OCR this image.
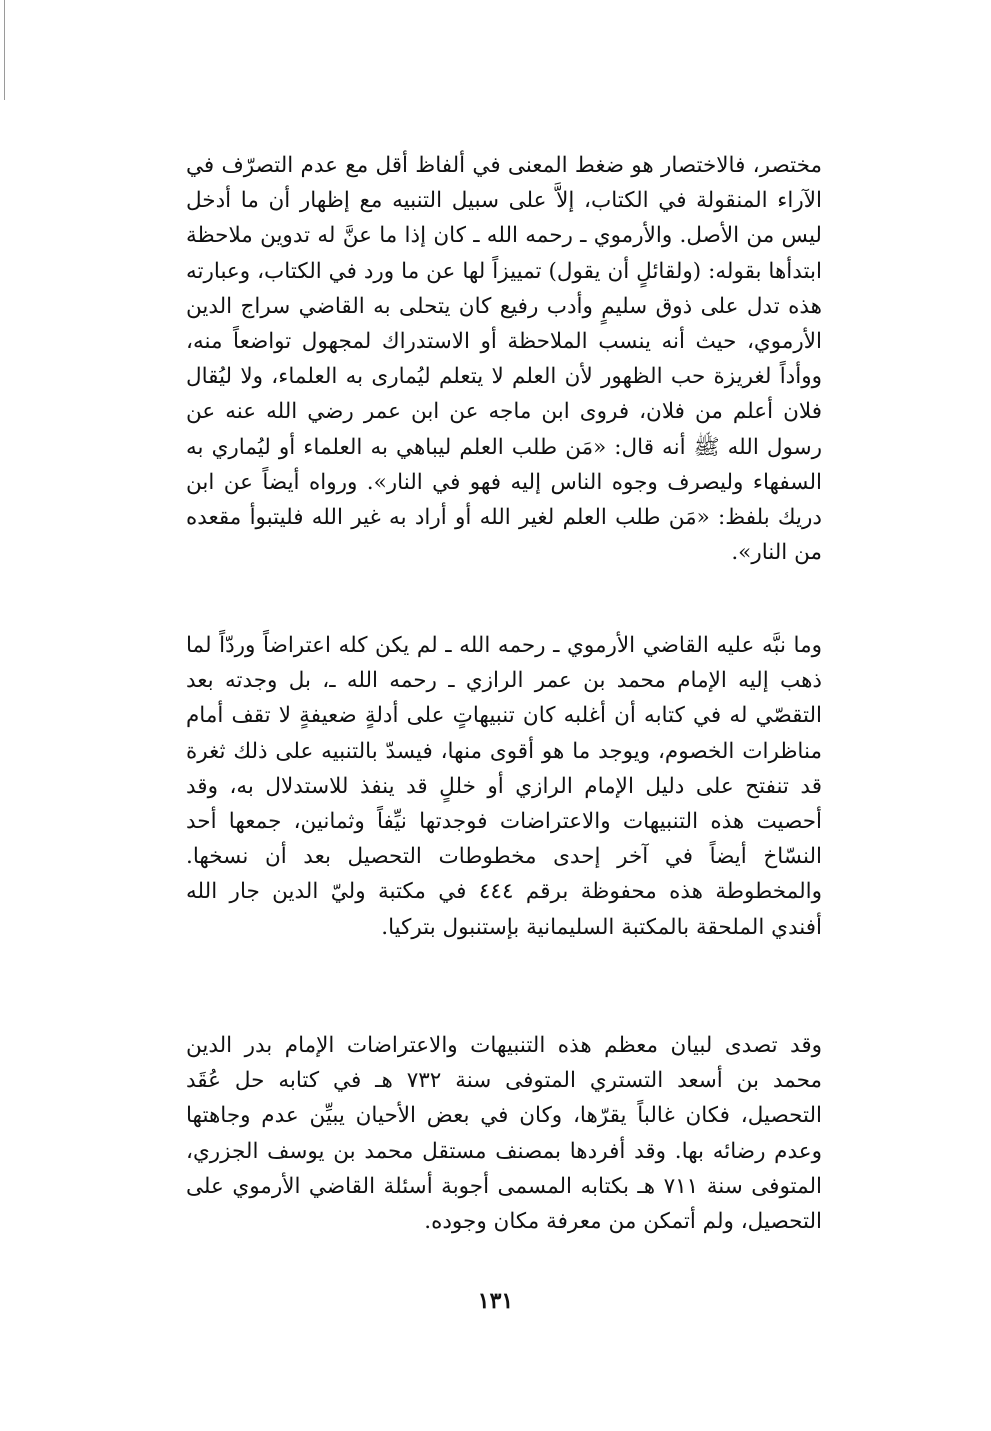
مختصر، فالاختصار هو ضغط المعنى في ألفاظ أقل مع عدم التصرّف في الآراء المنقولة في الكتاب، إلاَّ على سبيل التنبيه مع إظهار أن ما أدخل ليس من الأصل. والأرموي ـ رحمه الله ـ كان إذا ما عنَّ له تدوين ملاحظة ابتدأها بقوله: (ولقائلٍ أن يقول) تمييزاً لها عن ما ورد في الكتاب، وعبارته هذه تدل على ذوق سليمٍ وأدب رفيع كان يتحلى به القاضي سراج الدين الأرموي، حيث أنه ينسب الملاحظة أو الاستدراك لمجهول تواضعاً منه، ووأداً لغريزة حب الظهور لأن العلم لا يتعلم ليُمارى به العلماء، ولا ليُقال فلان أعلم من فلان، فروى ابن ماجه عن ابن عمر رضي الله عنه عن رسول الله ﷺ أنه قال: «مَن طلب العلم ليباهي به العلماء أو ليُماري به السفهاء وليصرف وجوه الناس إليه فهو في النار». ورواه أيضاً عن ابن دريك بلفظ: «مَن طلب العلم لغير الله أو أراد به غير الله فليتبوأ مقعده من النار».

وما نبَّه عليه القاضي الأرموي ـ رحمه الله ـ لم يكن كله اعتراضاً وردّاً لما ذهب إليه الإمام محمد بن عمر الرازي ـ رحمه الله ـ، بل وجدته بعد التقصّي له في كتابه أن أغلبه كان تنبيهاتٍ على أدلةٍ ضعيفةٍ لا تقف أمام مناظرات الخصوم، ويوجد ما هو أقوى منها، فيسدّ بالتنبيه على ذلك ثغرة قد تنفتح على دليل الإمام الرازي أو خللٍ قد ينفذ للاستدلال به، وقد أحصيت هذه التنبيهات والاعتراضات فوجدتها نيِّفاً وثمانين، جمعها أحد النسّاخ أيضاً في آخر إحدى مخطوطات التحصيل بعد أن نسخها. والمخطوطة هذه محفوظة برقم ٤٤٤ في مكتبة وليّ الدين جار الله أفندي الملحقة بالمكتبة السليمانية بإستنبول بتركيا.

وقد تصدى لبيان معظم هذه التنبيهات والاعتراضات الإمام بدر الدين محمد بن أسعد التستري المتوفى سنة ٧٣٢ هـ في كتابه حل عُقَد التحصيل، فكان غالباً يقرّها، وكان في بعض الأحيان يبيِّن عدم وجاهتها وعدم رضائه بها. وقد أفردها بمصنف مستقل محمد بن يوسف الجزري، المتوفى سنة ٧١١ هـ بكتابه المسمى أجوبة أسئلة القاضي الأرموي على التحصيل، ولم أتمكن من معرفة مكان وجوده.

١٣١
